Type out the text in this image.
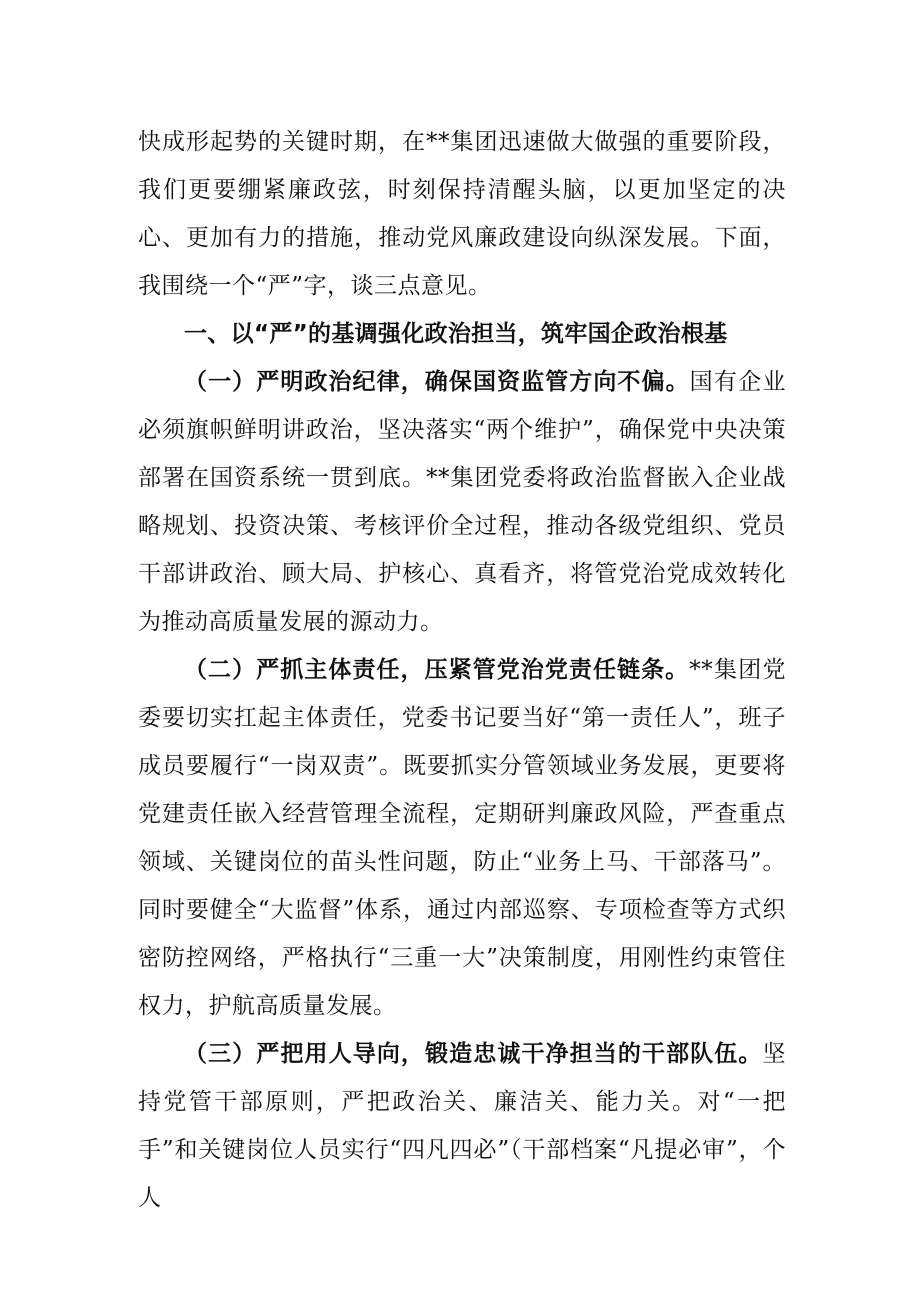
快成形起势的关键时期，在**集团迅速做大做强的重要阶段，我们更要绷紧廉政弦，时刻保持清醒头脑，以更加坚定的决心、更加有力的措施，推动党风廉政建设向纵深发展。下面，我围绕一个“严”字，谈三点意见。

一、以“严”的基调强化政治担当，筑牢国企政治根基

（一）严明政治纪律，确保国资监管方向不偏。国有企业必须旗帜鲜明讲政治，坚决落实“两个维护”，确保党中央决策部署在国资系统一贯到底。**集团党委将政治监督嵌入企业战略规划、投资决策、考核评价全过程，推动各级党组织、党员干部讲政治、顾大局、护核心、真看齐，将管党治党成效转化为推动高质量发展的源动力。

（二）严抓主体责任，压紧管党治党责任链条。**集团党委要切实扛起主体责任，党委书记要当好“第一责任人”，班子成员要履行“一岗双责”。既要抓实分管领域业务发展，更要将党建责任嵌入经营管理全流程，定期研判廉政风险，严查重点领域、关键岗位的苗头性问题，防止“业务上马、干部落马”。同时要健全“大监督”体系，通过内部巡察、专项检查等方式织密防控网络，严格执行“三重一大”决策制度，用刚性约束管住权力，护航高质量发展。

（三）严把用人导向，锻造忠诚干净担当的干部队伍。坚持党管干部原则，严把政治关、廉洁关、能力关。对“一把手”和关键岗位人员实行“四凡四必”（干部档案“凡提必审”，个人
